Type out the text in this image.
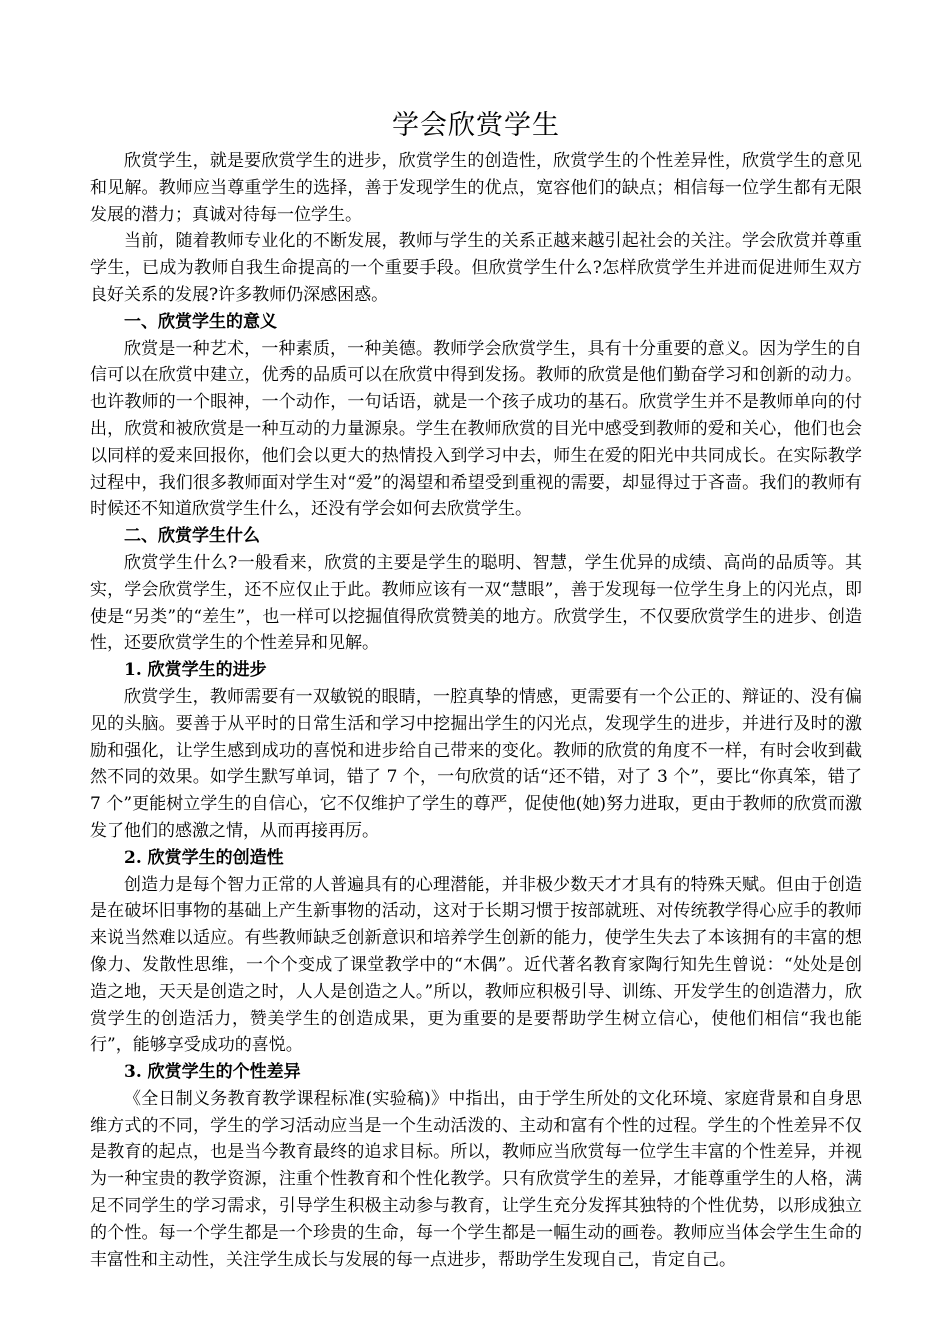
学会欣赏学生

欣赏学生，就是要欣赏学生的进步，欣赏学生的创造性，欣赏学生的个性差异性，欣赏学生的意见和见解。教师应当尊重学生的选择，善于发现学生的优点，宽容他们的缺点；相信每一位学生都有无限发展的潜力；真诚对待每一位学生。

当前，随着教师专业化的不断发展，教师与学生的关系正越来越引起社会的关注。学会欣赏并尊重学生，已成为教师自我生命提高的一个重要手段。但欣赏学生什么?怎样欣赏学生并进而促进师生双方良好关系的发展?许多教师仍深感困惑。

一、欣赏学生的意义

欣赏是一种艺术，一种素质，一种美德。教师学会欣赏学生，具有十分重要的意义。因为学生的自信可以在欣赏中建立，优秀的品质可以在欣赏中得到发扬。教师的欣赏是他们勤奋学习和创新的动力。也许教师的一个眼神，一个动作，一句话语，就是一个孩子成功的基石。欣赏学生并不是教师单向的付出，欣赏和被欣赏是一种互动的力量源泉。学生在教师欣赏的目光中感受到教师的爱和关心，他们也会以同样的爱来回报你，他们会以更大的热情投入到学习中去，师生在爱的阳光中共同成长。在实际教学过程中，我们很多教师面对学生对“爱”的渴望和希望受到重视的需要，却显得过于吝啬。我们的教师有时候还不知道欣赏学生什么，还没有学会如何去欣赏学生。

二、欣赏学生什么

欣赏学生什么?一般看来，欣赏的主要是学生的聪明、智慧，学生优异的成绩、高尚的品质等。其实，学会欣赏学生，还不应仅止于此。教师应该有一双“慧眼”，善于发现每一位学生身上的闪光点，即使是“另类”的“差生”，也一样可以挖掘值得欣赏赞美的地方。欣赏学生，不仅要欣赏学生的进步、创造性，还要欣赏学生的个性差异和见解。

1. 欣赏学生的进步

欣赏学生，教师需要有一双敏锐的眼睛，一腔真挚的情感，更需要有一个公正的、辩证的、没有偏见的头脑。要善于从平时的日常生活和学习中挖掘出学生的闪光点，发现学生的进步，并进行及时的激励和强化，让学生感到成功的喜悦和进步给自己带来的变化。教师的欣赏的角度不一样，有时会收到截然不同的效果。如学生默写单词，错了 7 个，一句欣赏的话“还不错，对了 3 个”，要比“你真笨，错了 7 个”更能树立学生的自信心，它不仅维护了学生的尊严，促使他(她)努力进取，更由于教师的欣赏而激发了他们的感激之情，从而再接再厉。

2. 欣赏学生的创造性

创造力是每个智力正常的人普遍具有的心理潜能，并非极少数天才才具有的特殊天赋。但由于创造是在破坏旧事物的基础上产生新事物的活动，这对于长期习惯于按部就班、对传统教学得心应手的教师来说当然难以适应。有些教师缺乏创新意识和培养学生创新的能力，使学生失去了本该拥有的丰富的想像力、发散性思维，一个个变成了课堂教学中的“木偶”。近代著名教育家陶行知先生曾说：“处处是创造之地，天天是创造之时，人人是创造之人。”所以，教师应积极引导、训练、开发学生的创造潜力，欣赏学生的创造活力，赞美学生的创造成果，更为重要的是要帮助学生树立信心，使他们相信“我也能行”，能够享受成功的喜悦。

3. 欣赏学生的个性差异

《全日制义务教育教学课程标准(实验稿)》中指出，由于学生所处的文化环境、家庭背景和自身思维方式的不同，学生的学习活动应当是一个生动活泼的、主动和富有个性的过程。学生的个性差异不仅是教育的起点，也是当今教育最终的追求目标。所以，教师应当欣赏每一位学生丰富的个性差异，并视为一种宝贵的教学资源，注重个性教育和个性化教学。只有欣赏学生的差异，才能尊重学生的人格，满足不同学生的学习需求，引导学生积极主动参与教育，让学生充分发挥其独特的个性优势，以形成独立的个性。每一个学生都是一个珍贵的生命，每一个学生都是一幅生动的画卷。教师应当体会学生生命的丰富性和主动性，关注学生成长与发展的每一点进步，帮助学生发现自己，肯定自己。
